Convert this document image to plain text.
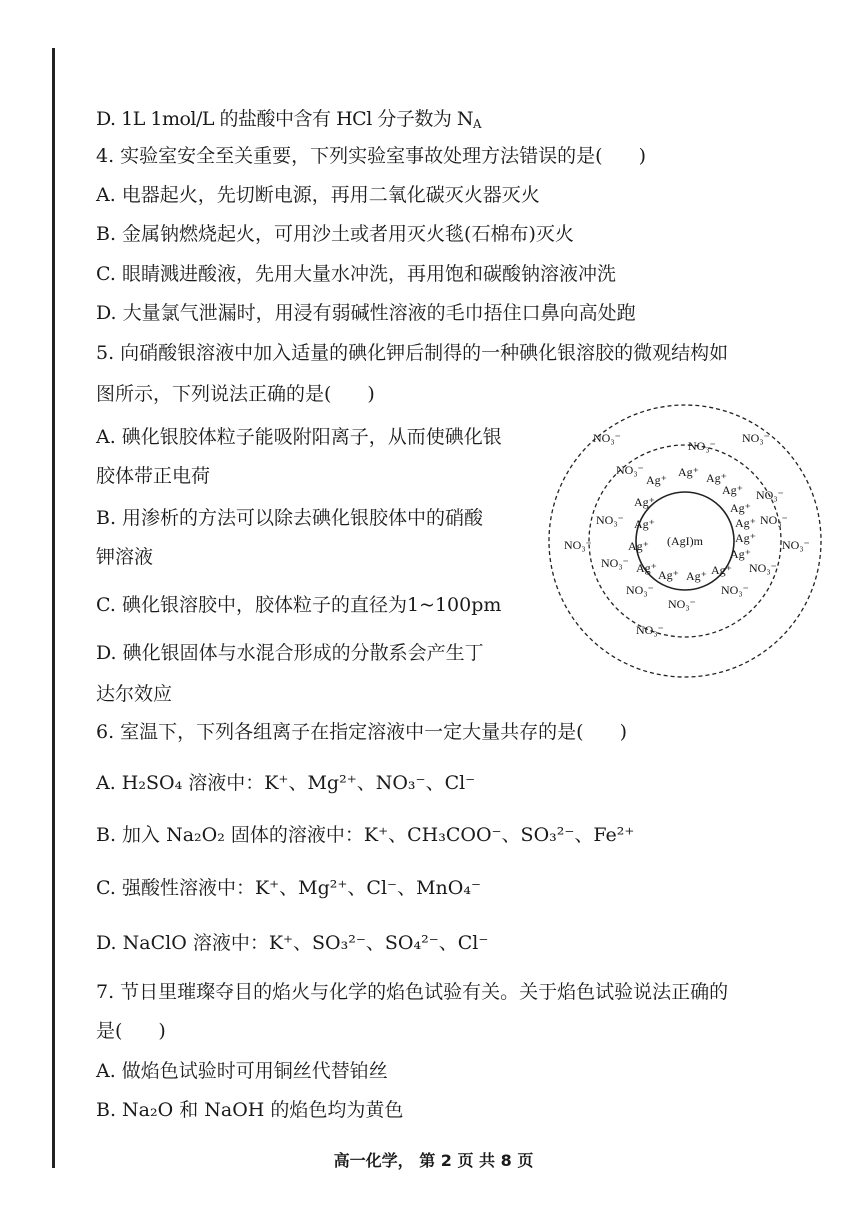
D. 1L 1mol/L 的盐酸中含有 HCl 分子数为 $N_A$
4. 实验室安全至关重要，下列实验室事故处理方法错误的是( )
A. 电器起火，先切断电源，再用二氧化碳灭火器灭火
B. 金属钠燃烧起火，可用沙土或者用灭火毯(石棉布)灭火
C. 眼睛溅进酸液，先用大量水冲洗，再用饱和碳酸钠溶液冲洗
D. 大量氯气泄漏时，用浸有弱碱性溶液的毛巾捂住口鼻向高处跑
5. 向硝酸银溶液中加入适量的碘化钾后制得的一种碘化银溶胶的微观结构如
图所示，下列说法正确的是( )
A. 碘化银胶体粒子能吸附阳离子，从而使碘化银
胶体带正电荷
B. 用渗析的方法可以除去碘化银胶体中的硝酸
钾溶液
C. 碘化银溶胶中，胶体粒子的直径为1~100pm
D. 碘化银固体与水混合形成的分散系会产生丁
达尔效应
(AgI)m
Ag⁺
Ag⁺ Ag⁺
Ag⁺
Ag⁺	Ag⁺
Ag⁺	Ag⁺
Ag⁺
Ag⁺
Ag⁺
Ag⁺
Ag⁺ Ag⁺ Ag⁺
NO₃⁻
NO₃⁻
NO₃⁻
NO₃⁻
NO₃⁻
NO₃⁻	NO₃⁻
NO₃⁻	NO₃⁻
NO₃⁻	NO₃⁻
NO₃⁻	NO₃⁻
NO₃⁻
NO₃⁻
6. 室温下，下列各组离子在指定溶液中一定大量共存的是( )
A. H₂SO₄ 溶液中：K⁺、Mg²⁺、NO₃⁻、Cl⁻
B. 加入 Na₂O₂ 固体的溶液中：K⁺、CH₃COO⁻、SO₃²⁻、Fe²⁺
C. 强酸性溶液中：K⁺、Mg²⁺、Cl⁻、MnO₄⁻
D. NaClO 溶液中：K⁺、SO₃²⁻、SO₄²⁻、Cl⁻
7. 节日里璀璨夺目的焰火与化学的焰色试验有关。关于焰色试验说法正确的
是( )
A. 做焰色试验时可用铜丝代替铂丝
B. Na₂O 和 NaOH 的焰色均为黄色
高一化学， 第 2 页 共 8 页
